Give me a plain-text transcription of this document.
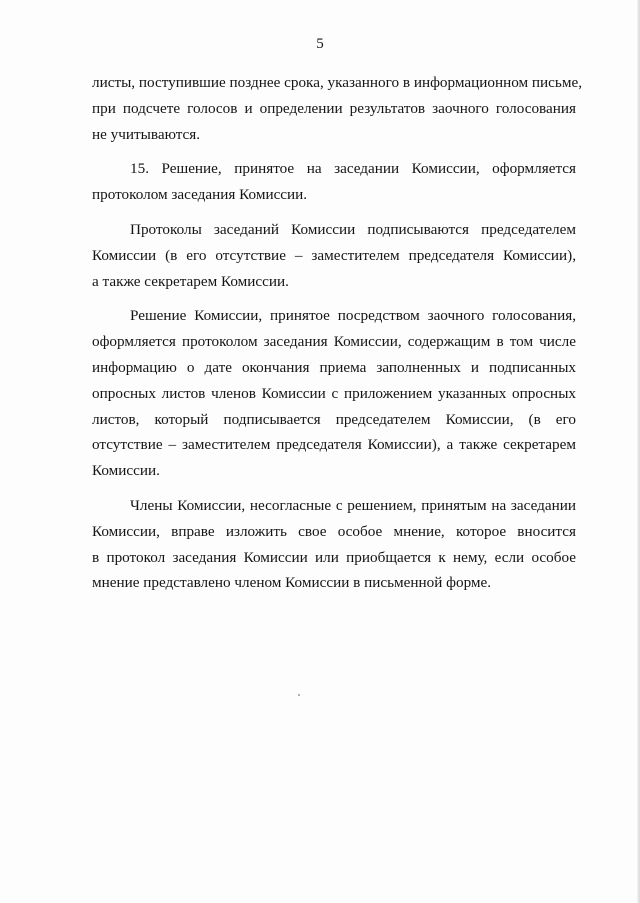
5

листы, поступившие позднее срока, указанного в информационном письме,
при подсчете голосов и определении результатов заочного голосования
не учитываются.

15. Решение, принятое на заседании Комиссии, оформляется
протоколом заседания Комиссии.

Протоколы заседаний Комиссии подписываются председателем
Комиссии (в его отсутствие – заместителем председателя Комиссии),
а также секретарем Комиссии.

Решение Комиссии, принятое посредством заочного голосования,
оформляется протоколом заседания Комиссии, содержащим в том числе
информацию о дате окончания приема заполненных и подписанных
опросных листов членов Комиссии с приложением указанных опросных
листов, который подписывается председателем Комиссии, (в его
отсутствие – заместителем председателя Комиссии), а также секретарем
Комиссии.

Члены Комиссии, несогласные с решением, принятым на заседании
Комиссии, вправе изложить свое особое мнение, которое вносится
в протокол заседания Комиссии или приобщается к нему, если особое
мнение представлено членом Комиссии в письменной форме.
